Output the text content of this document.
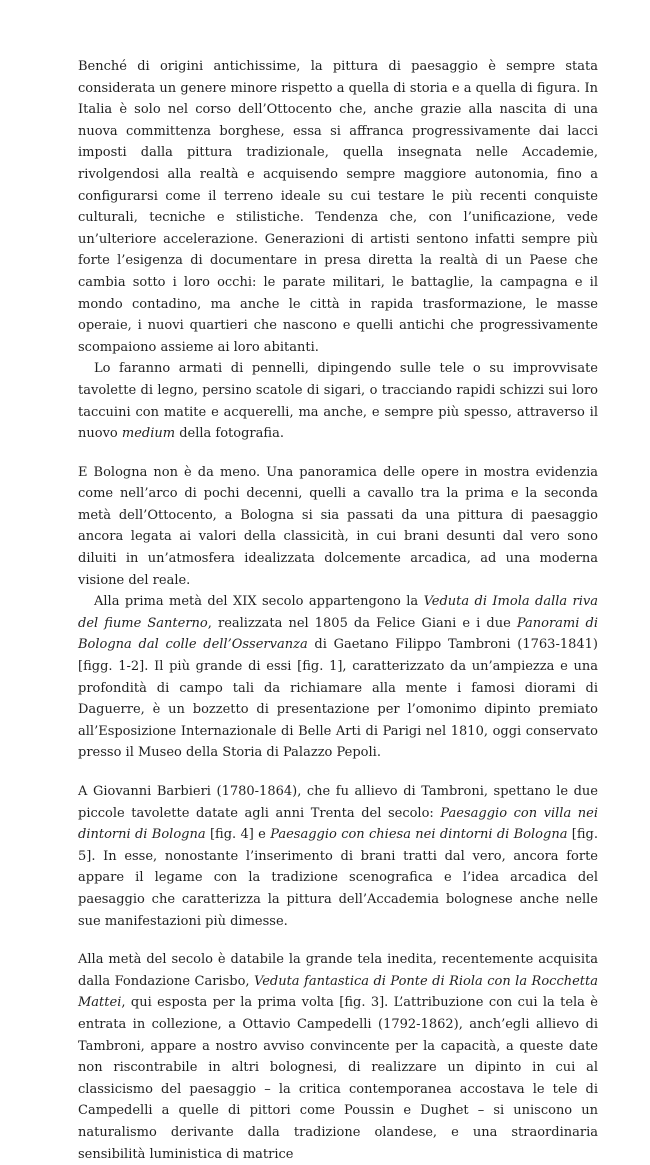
Benché di origini antichissime, la pittura di paesaggio è sempre stata considerata un genere minore rispetto a quella di storia e a quella di figura. In Italia è solo nel corso dell’Ottocento che, anche grazie alla nascita di una nuova committenza borghese, essa si affranca progressivamente dai lacci imposti dalla pittura tradizionale, quella insegnata nelle Accademie, rivolgendosi alla realtà e acquisendo sempre maggiore autonomia, fino a configurarsi come il terreno ideale su cui testare le più recenti conquiste culturali, tecniche e stilistiche. Tendenza che, con l’unificazione, vede un’ulteriore accelerazione. Generazioni di artisti sentono infatti sempre più forte l’esigenza di documentare in presa diretta la realtà di un Paese che cambia sotto i loro occhi: le parate militari, le battaglie, la campagna e il mondo contadino, ma anche le città in rapida trasformazione, le masse operaie, i nuovi quartieri che nascono e quelli antichi che progressivamente scompaiono assieme ai loro abitanti.

Lo faranno armati di pennelli, dipingendo sulle tele o su improvvisate tavolette di legno, persino scatole di sigari, o tracciando rapidi schizzi sui loro taccuini con matite e acquerelli, ma anche, e sempre più spesso, attraverso il nuovo medium della fotografia.

E Bologna non è da meno. Una panoramica delle opere in mostra evidenzia come nell’arco di pochi decenni, quelli a cavallo tra la prima e la seconda metà dell’Ottocento, a Bologna si sia passati da una pittura di paesaggio ancora legata ai valori della classicità, in cui brani desunti dal vero sono diluiti in un’atmosfera idealizzata dolcemente arcadica, ad una moderna visione del reale.

Alla prima metà del XIX secolo appartengono la Veduta di Imola dalla riva del fiume Santerno, realizzata nel 1805 da Felice Giani e i due Panorami di Bologna dal colle dell’Osservanza di Gaetano Filippo Tambroni (1763-1841) [figg. 1-2]. Il più grande di essi [fig. 1], caratterizzato da un’ampiezza e una profondità di campo tali da richiamare alla mente i famosi diorami di Daguerre, è un bozzetto di presentazione per l’omonimo dipinto premiato all’Esposizione Internazionale di Belle Arti di Parigi nel 1810, oggi conservato presso il Museo della Storia di Palazzo Pepoli.

A Giovanni Barbieri (1780-1864), che fu allievo di Tambroni, spettano le due piccole tavolette datate agli anni Trenta del secolo: Paesaggio con villa nei dintorni di Bologna [fig. 4] e Paesaggio con chiesa nei dintorni di Bologna [fig. 5]. In esse, nonostante l’inserimento di brani tratti dal vero, ancora forte appare il legame con la tradizione scenografica e l’idea arcadica del paesaggio che caratterizza la pittura dell’Accademia bolognese anche nelle sue manifestazioni più dimesse.

Alla metà del secolo è databile la grande tela inedita, recentemente acquisita dalla Fondazione Carisbo, Veduta fantastica di Ponte di Riola con la Rocchetta Mattei, qui esposta per la prima volta [fig. 3]. L’attribuzione con cui la tela è entrata in collezione, a Ottavio Campedelli (1792-1862), anch’egli allievo di Tambroni, appare a nostro avviso convincente per la capacità, a queste date non riscontrabile in altri bolognesi, di realizzare un dipinto in cui al classicismo del paesaggio – la critica contemporanea accostava le tele di Campedelli a quelle di pittori come Poussin e Dughet – si uniscono un naturalismo derivante dalla tradizione olandese, e una straordinaria sensibilità luministica di matrice
